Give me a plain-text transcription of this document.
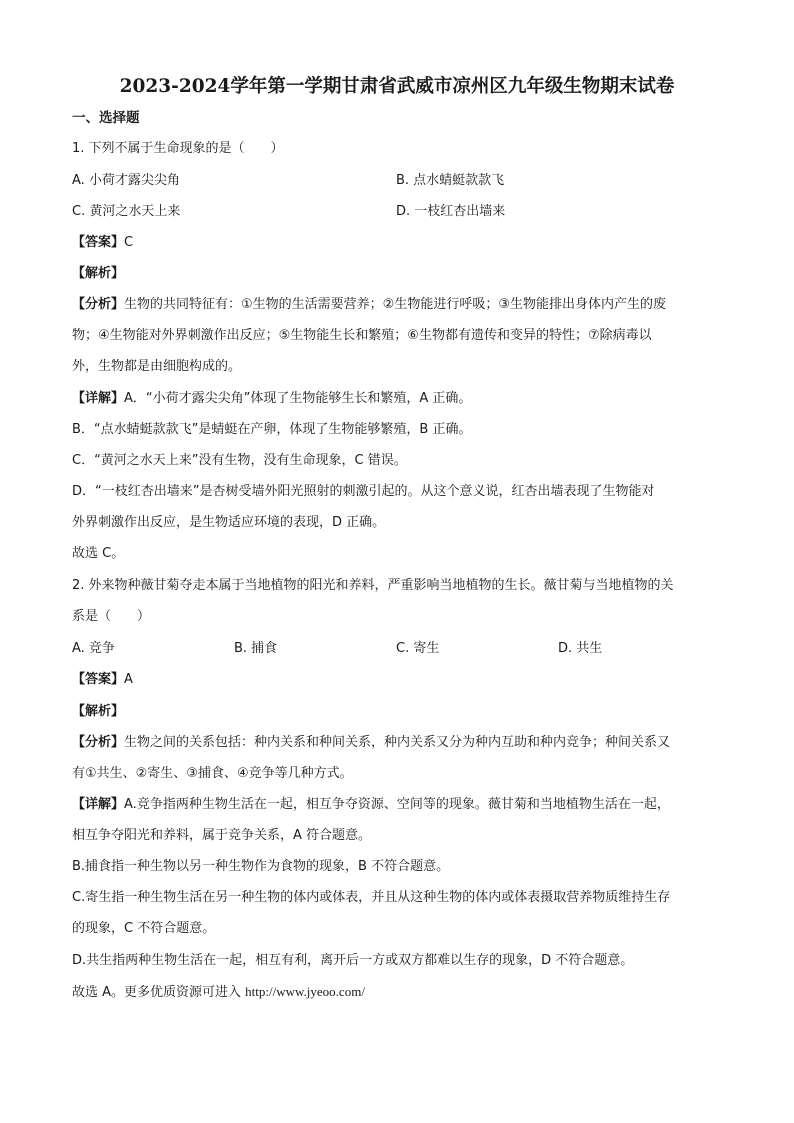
2023-2024学年第一学期甘肃省武威市凉州区九年级生物期末试卷
一、选择题
1. 下列不属于生命现象的是（　　）
A. 小荷才露尖尖角	B. 点水蜻蜓款款飞
C. 黄河之水天上来	D. 一枝红杏出墙来
【答案】C
【解析】
【分析】生物的共同特征有：①生物的生活需要营养；②生物能进行呼吸；③生物能排出身体内产生的废
物；④生物能对外界刺激作出反应；⑤生物能生长和繁殖；⑥生物都有遗传和变异的特性；⑦除病毒以
外，生物都是由细胞构成的。
【详解】A．“小荷才露尖尖角”体现了生物能够生长和繁殖，A 正确。
B．“点水蜻蜓款款飞”是蜻蜓在产卵，体现了生物能够繁殖，B 正确。
C．“黄河之水天上来”没有生物，没有生命现象，C 错误。
D．“一枝红杏出墙来”是杏树受墙外阳光照射的刺激引起的。从这个意义说，红杏出墙表现了生物能对
外界刺激作出反应，是生物适应环境的表现，D 正确。
故选 C。
2. 外来物种薇甘菊夺走本属于当地植物的阳光和养料，严重影响当地植物的生长。薇甘菊与当地植物的关
系是（　　）
A. 竞争	B. 捕食	C. 寄生	D. 共生
【答案】A
【解析】
【分析】生物之间的关系包括：种内关系和种间关系，种内关系又分为种内互助和种内竞争；种间关系又
有①共生、②寄生、③捕食、④竞争等几种方式。
【详解】A.竞争指两种生物生活在一起，相互争夺资源、空间等的现象。薇甘菊和当地植物生活在一起，
相互争夺阳光和养料，属于竞争关系，A 符合题意。
B.捕食指一种生物以另一种生物作为食物的现象，B 不符合题意。
C.寄生指一种生物生活在另一种生物的体内或体表，并且从这种生物的体内或体表摄取营养物质维持生存
的现象，C 不符合题意。
D.共生指两种生物生活在一起，相互有利，离开后一方或双方都难以生存的现象，D 不符合题意。
故选 A。更多优质资源可进入 http://www.jyeoo.com/
